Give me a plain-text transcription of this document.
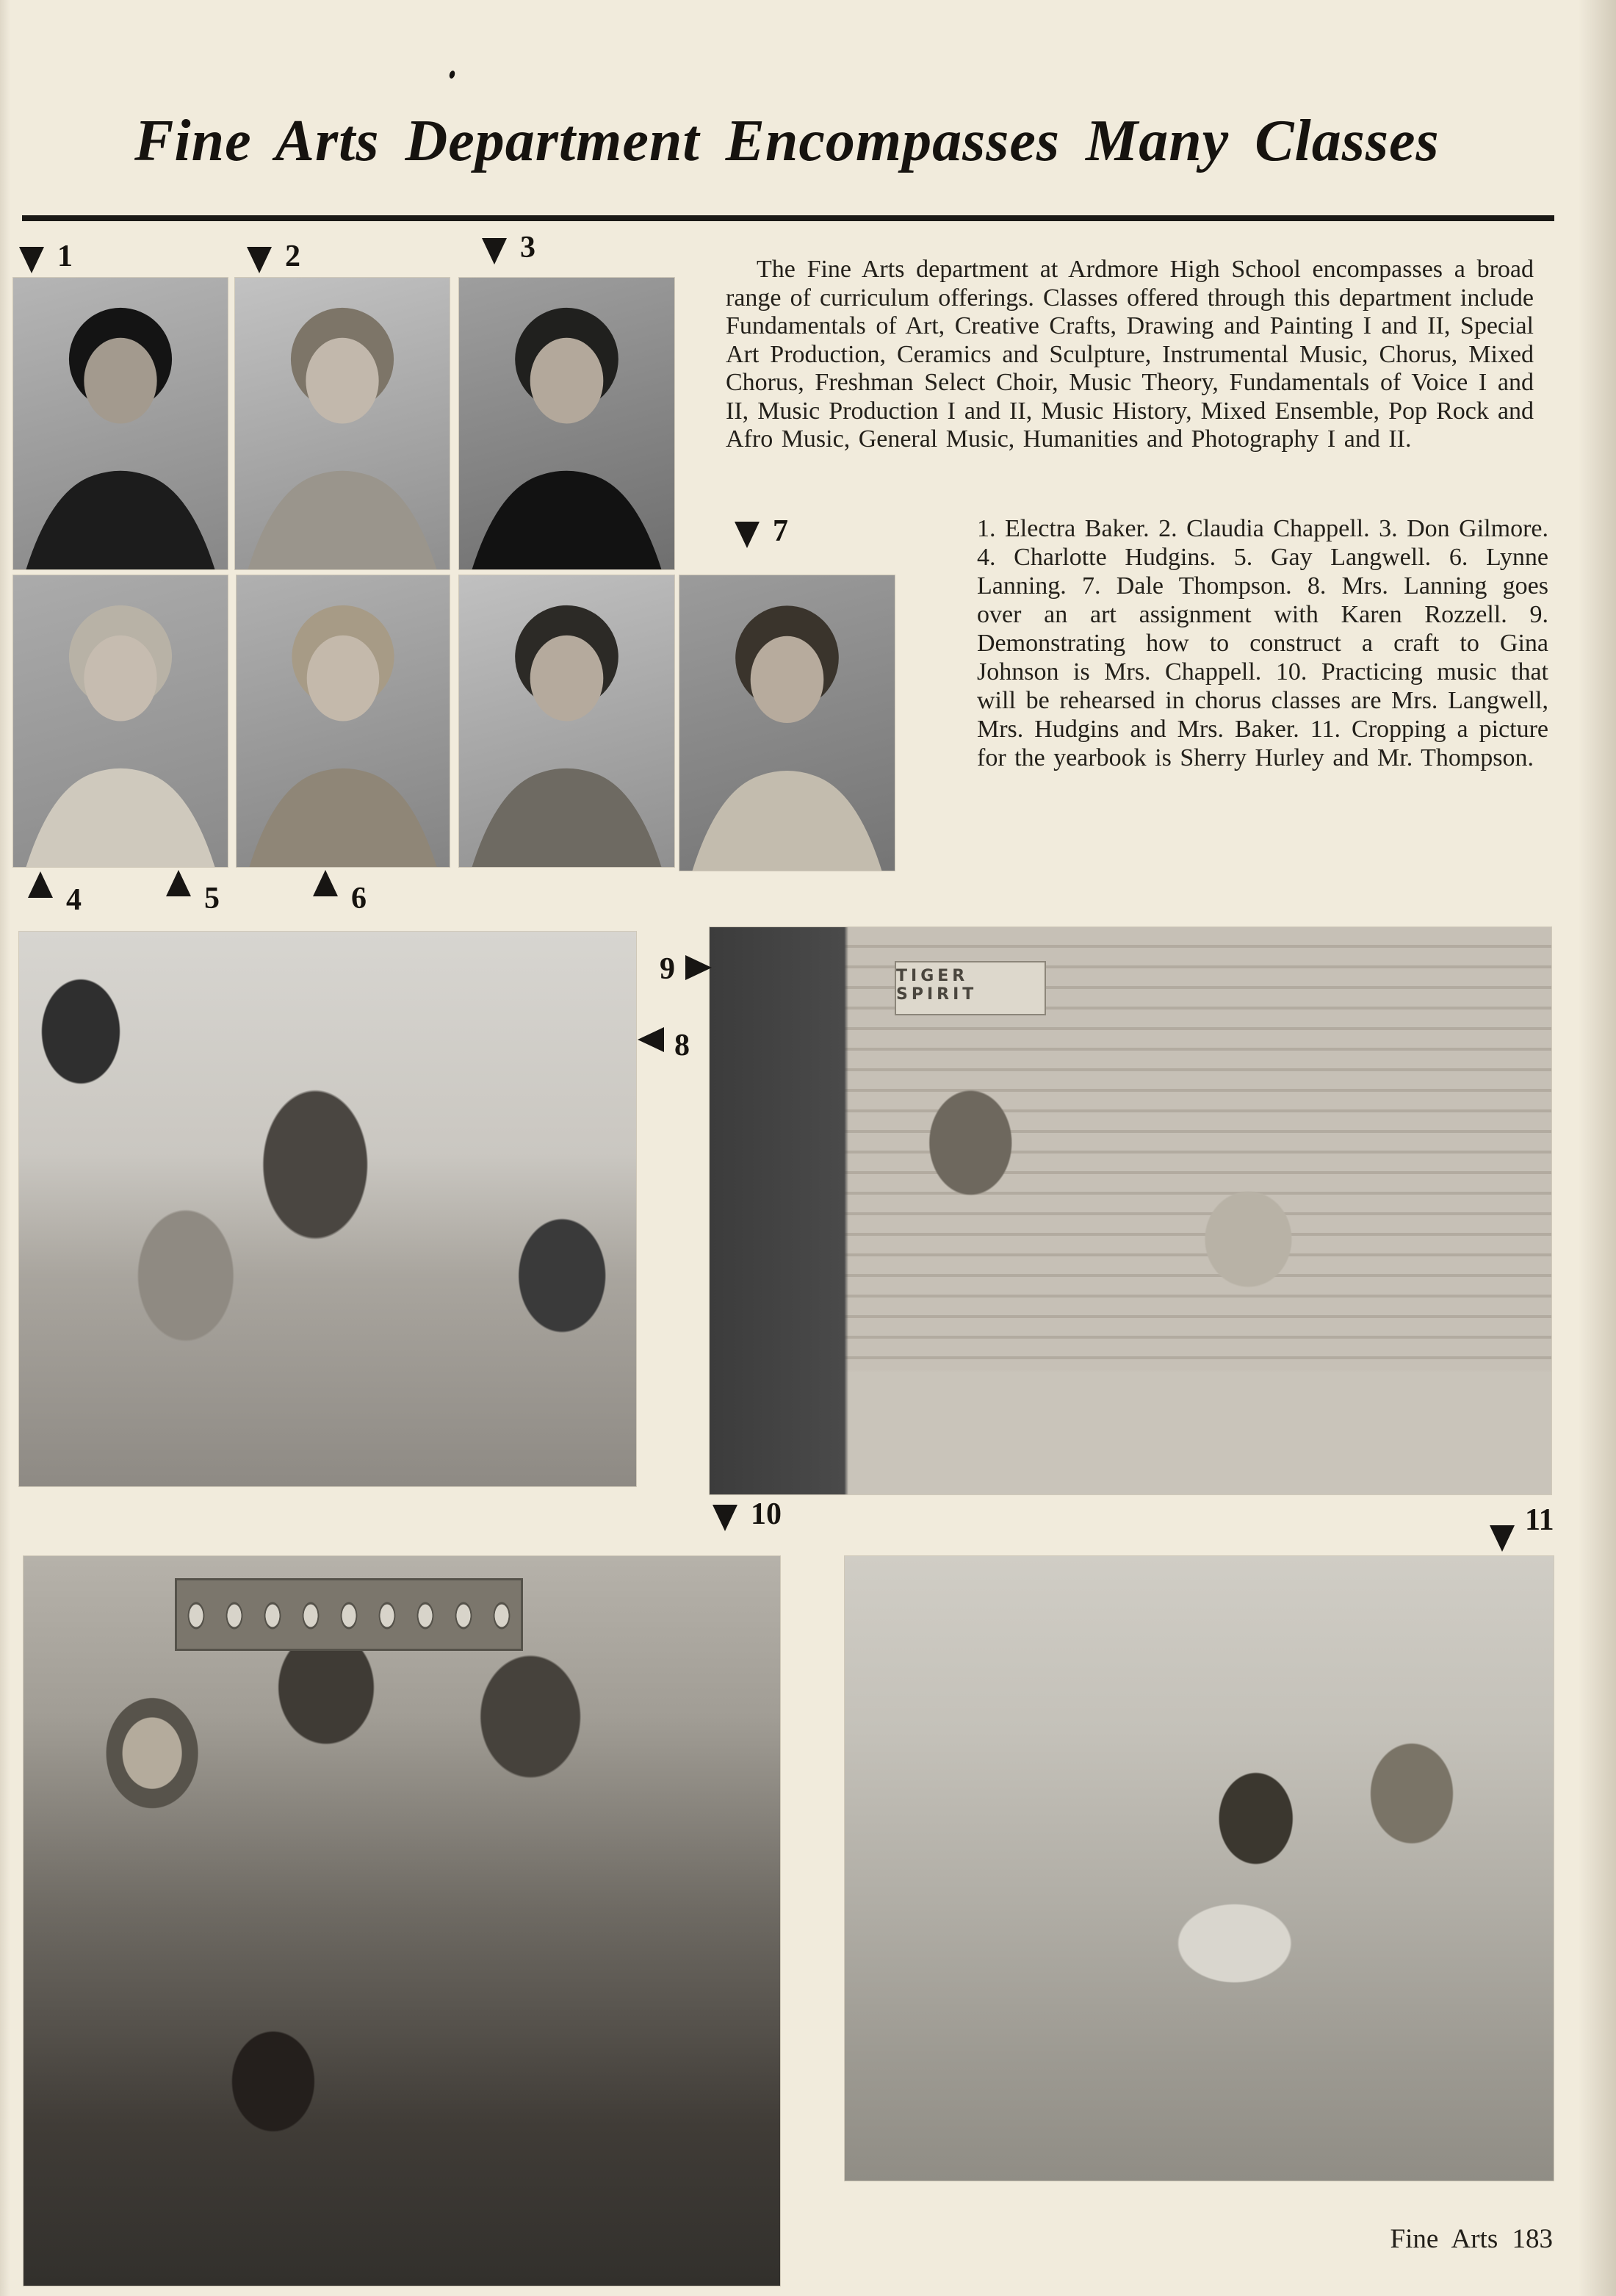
Fine Arts Department Encompasses Many Classes
TIGER SPIRIT
1	2	3
4	5	6
7
8
9
10	11

The Fine Arts department at Ardmore High School encompasses a broad range of curriculum offerings. Classes offered through this department include Fundamentals of Art, Creative Crafts, Drawing and Painting I and II, Special Art Production, Ceramics and Sculpture, Instrumental Music, Chorus, Mixed Chorus, Freshman Select Choir, Music Theory, Fundamentals of Voice I and II, Music Production I and II, Music History, Mixed Ensemble, Pop Rock and Afro Music, General Music, Humanities and Photography I and II.

1. Electra Baker. 2. Claudia Chappell. 3. Don Gilmore. 4. Charlotte Hudgins. 5. Gay Langwell. 6. Lynne Lanning. 7. Dale Thompson. 8. Mrs. Lanning goes over an art assignment with Karen Rozzell. 9. Demonstrating how to construct a craft to Gina Johnson is Mrs. Chappell. 10. Practicing music that will be rehearsed in chorus classes are Mrs. Langwell, Mrs. Hudgins and Mrs. Baker. 11. Cropping a picture for the yearbook is Sherry Hurley and Mr. Thompson.

Fine Arts 183
